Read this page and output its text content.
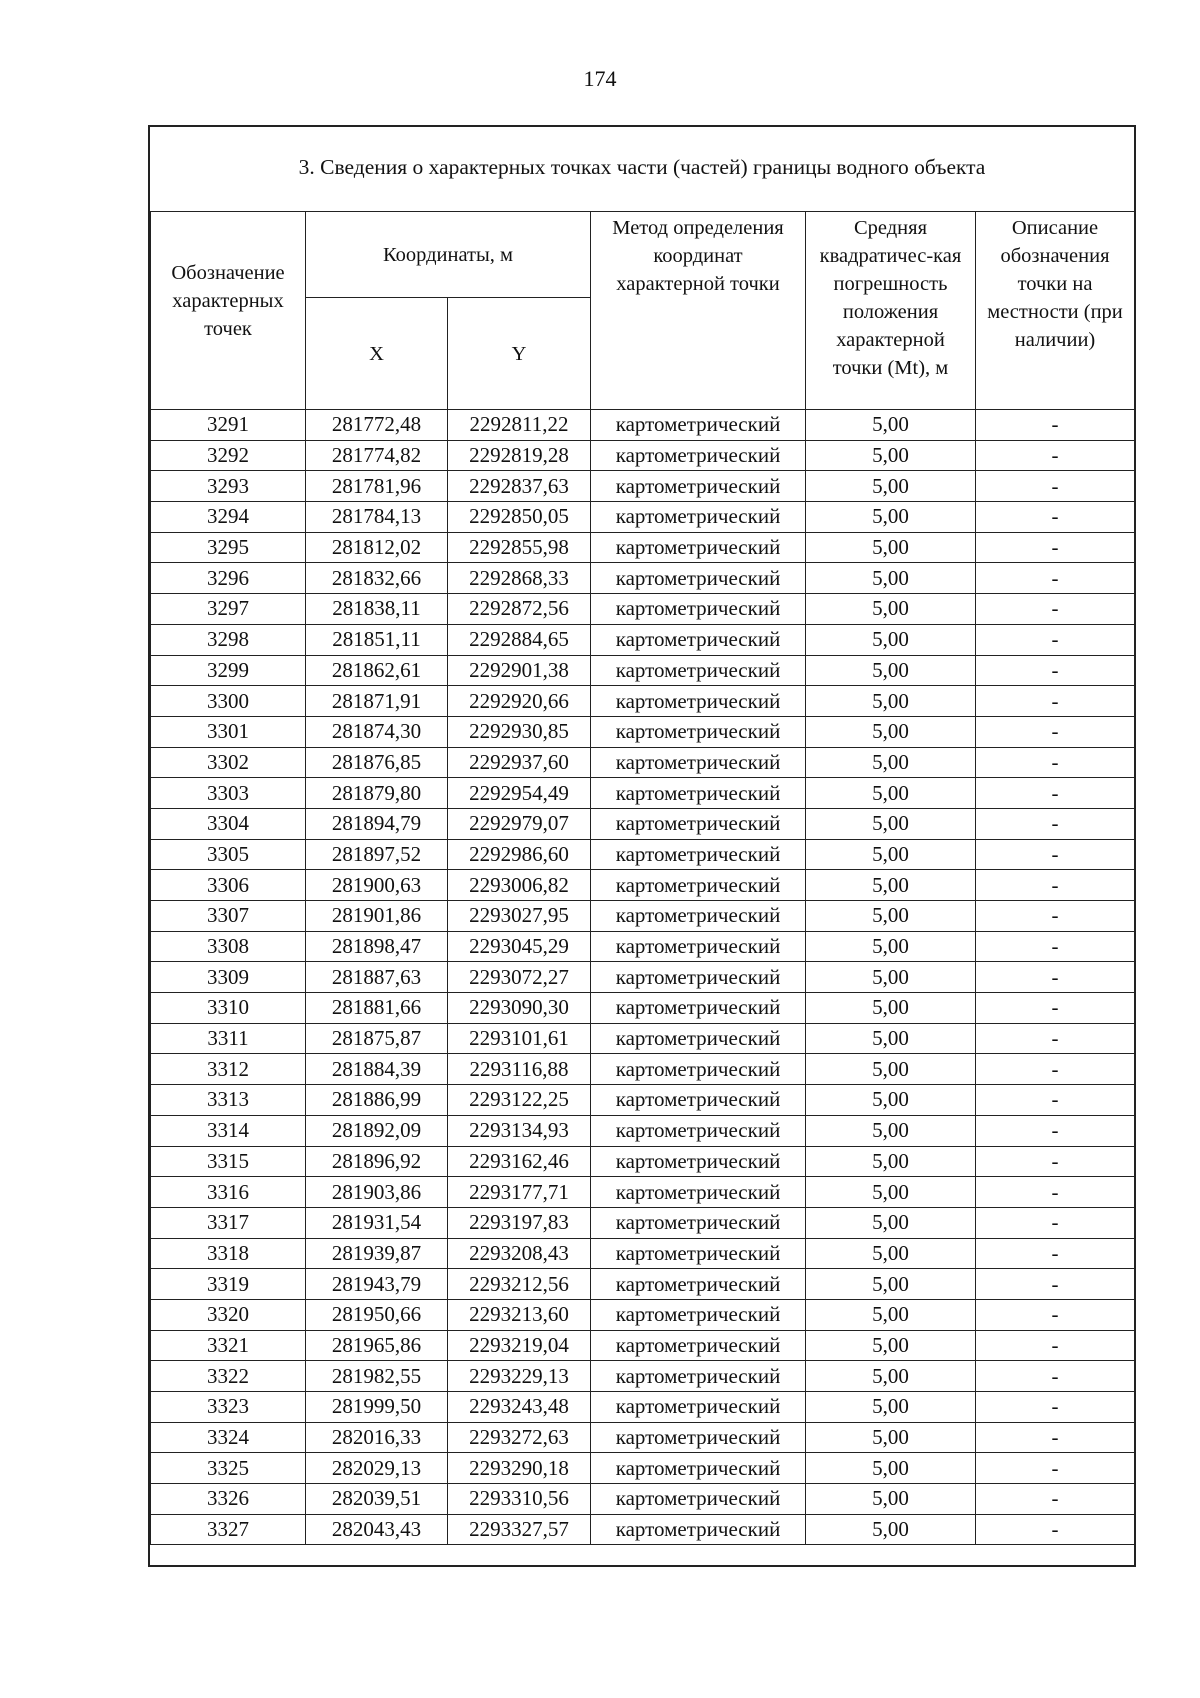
174
3. Сведения о характерных точках части (частей) границы водного объекта
Обозначение характерных точек	Координаты, м		Метод определения координат характерной точки	Средняя квадратичес-кая погрешность положения характерной точки (Mt), м	Описание обозначения точки на местности (при наличии)

	X	Y			
3291	281772,48	2292811,22	картометрический	5,00	-
3292	281774,82	2292819,28	картометрический	5,00	-
3293	281781,96	2292837,63	картометрический	5,00	-
3294	281784,13	2292850,05	картометрический	5,00	-
3295	281812,02	2292855,98	картометрический	5,00	-
3296	281832,66	2292868,33	картометрический	5,00	-
3297	281838,11	2292872,56	картометрический	5,00	-
3298	281851,11	2292884,65	картометрический	5,00	-
3299	281862,61	2292901,38	картометрический	5,00	-
3300	281871,91	2292920,66	картометрический	5,00	-
3301	281874,30	2292930,85	картометрический	5,00	-
3302	281876,85	2292937,60	картометрический	5,00	-
3303	281879,80	2292954,49	картометрический	5,00	-
3304	281894,79	2292979,07	картометрический	5,00	-
3305	281897,52	2292986,60	картометрический	5,00	-
3306	281900,63	2293006,82	картометрический	5,00	-
3307	281901,86	2293027,95	картометрический	5,00	-
3308	281898,47	2293045,29	картометрический	5,00	-
3309	281887,63	2293072,27	картометрический	5,00	-
3310	281881,66	2293090,30	картометрический	5,00	-
3311	281875,87	2293101,61	картометрический	5,00	-
3312	281884,39	2293116,88	картометрический	5,00	-
3313	281886,99	2293122,25	картометрический	5,00	-
3314	281892,09	2293134,93	картометрический	5,00	-
3315	281896,92	2293162,46	картометрический	5,00	-
3316	281903,86	2293177,71	картометрический	5,00	-
3317	281931,54	2293197,83	картометрический	5,00	-
3318	281939,87	2293208,43	картометрический	5,00	-
3319	281943,79	2293212,56	картометрический	5,00	-
3320	281950,66	2293213,60	картометрический	5,00	-
3321	281965,86	2293219,04	картометрический	5,00	-
3322	281982,55	2293229,13	картометрический	5,00	-
3323	281999,50	2293243,48	картометрический	5,00	-
3324	282016,33	2293272,63	картометрический	5,00	-
3325	282029,13	2293290,18	картометрический	5,00	-
3326	282039,51	2293310,56	картометрический	5,00	-
3327	282043,43	2293327,57	картометрический	5,00	-
